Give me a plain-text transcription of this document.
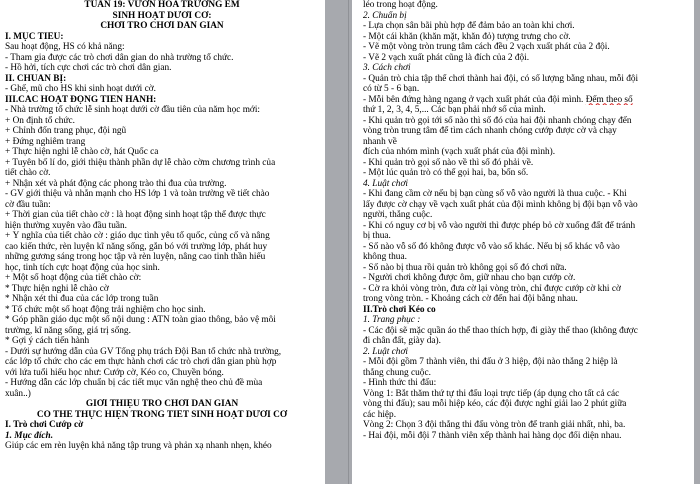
TUẦN 19: VƯỜN HOA TRƯỜNG EM
SINH HOẠT DƯỚI CỜ:
CHƠI TRÒ CHƠI DÂN GIAN
I. MỤC TIÊU:
Sau hoạt động, HS có khả năng:
- Tham gia được các trò chơi dân gian do nhà trường tổ chức.
- Hồ hởi, tích cực chơi các trò chơi dân gian.
II. CHUẨN BỊ:
- Ghế, mũ cho HS khi sinh hoạt dưới cờ.
III.CÁC HOẠT ĐỘNG TIẾN HÀNH:
- Nhà trường tổ chức lễ sinh hoạt dưới cờ đầu tiên của năm học mới:
+ Ổn định tổ chức.
+ Chỉnh đốn trang phục, đội ngũ
+ Đứng nghiêm trang
+ Thực hiện nghi lễ chào cờ, hát Quốc ca
+ Tuyên bố lí do, giới thiệu thành phần dự lễ chào cờm chương trình của
tiết chào cờ.
+ Nhận xét và phát động các phong trào thi đua của trường.
- GV giới thiệu và nhắn mạnh cho HS lớp 1 và toàn trường về tiết chào
cờ đầu tuần:
+ Thời gian của tiết chào cờ : là hoạt động sinh hoạt tập thể được thực
hiện thường xuyên vào đầu tuần.
+ Ý nghĩa của tiết chào cờ : giáo dục tình yêu tổ quốc, củng cố và nâng
cao kiến thức, rèn luyện kĩ năng sống, gắn bó với trường lớp, phát huy
những gương sáng trong học tập và rèn luyện, nâng cao tinh thần hiếu
học, tinh tích cực hoạt động của học sinh.
+ Một số hoạt động của tiết chào cờ:
* Thực hiện nghi lễ chào cờ
* Nhận xét thi đua của các lớp trong tuần
* Tổ chức một số hoạt động trải nghiệm cho học sinh.
* Góp phần giáo dục một số nội dung : ATN toàn giao thông, bảo vệ môi
trường, kĩ năng sống, giá trị sống.
* Gợi ý cách tiến hành
- Dưới sự hướng dẫn của GV Tổng phụ trách Đội Ban tổ chức nhà trường,
các lớp tổ chức cho các em thực hành chơi các trò chơi dân gian phù hợp
với lứa tuổi hiếu học như: Cướp cờ, Kéo co, Chuyền bóng.
- Hướng dẫn các lớp chuẩn bị các tiết mục văn nghệ theo chủ đề mùa
xuân..)
GIỚI THIỆU TRÒ CHƠI DÂN GIAN
CÓ THỂ THỰC HIỆN TRONG TIẾT SINH HOẠT DƯỚI CỜ
I. Trò chơi Cướp cờ
1. Mục đích.
Giúp các em rèn luyện khả năng tập trung và phản xạ nhanh nhẹn, khéo
léo trong hoạt động.
2. Chuẩn bị
- Lựa chọn sân bãi phù hợp để đảm bảo an toàn khi chơi.
- Một cái khăn (khăn mặt, khăn đỏ) tượng trưng cho cờ.
- Vẽ một vòng tròn trung tâm cách đều 2 vạch xuất phát của 2 đội.
- Vẽ 2 vạch xuất phát cũng là đích của 2 đội.
3. Cách chơi
- Quản trò chia tập thể chơi thành hai đội, có số lượng bằng nhau, mỗi đội
có từ 5 - 6 bạn.
- Mỗi bên đứng hàng ngang ở vạch xuất phát của đội mình. Đếm theo số
thứ 1, 2, 3, 4, 5,... Các bạn phải nhớ số của mình.
- Khi quản trò gọi tới số nào thì số đó của hai đội nhanh chóng chạy đến
vòng tròn trung tâm để tìm cách nhanh chóng cướp được cờ và chạy
nhanh về
đích của nhóm mình (vạch xuất phát của đội mình).
- Khi quản trò gọi số nào về thì số đó phải về.
- Một lúc quản trò có thể gọi hai, ba, bốn số.
4. Luật chơi
- Khi đang cầm cờ nếu bị bạn cùng số vỗ vào người là thua cuộc. - Khi
lấy được cờ chạy về vạch xuất phát của đội mình không bị đội bạn vỗ vào
người, thắng cuộc.
- Khi có nguy cơ bị vỗ vào người thì được phép bỏ cờ xuống đất để tránh
bị thua.
- Số nào vỗ số đó không được vỗ vào số khác. Nếu bị số khác vỗ vào
không thua.
- Số nào bị thua rồi quản trò không gọi số đó chơi nữa.
- Người chơi không được ôm, giữ nhau cho bạn cướp cờ.
- Cờ ra khỏi vòng tròn, đưa cờ lại vòng tròn, chỉ được cướp cờ khi cờ
trong vòng tròn. - Khoảng cách cờ đến hai đội bằng nhau.
II.Trò chơi Kéo co
1. Trang phục :
- Các đội sẽ mặc quần áo thể thao thích hợp, đi giày thể thao (không được
đi chân đất, giày da).
2. Luật chơi
- Mỗi đội gồm 7 thành viên, thi đấu ở 3 hiệp, đội nào thắng 2 hiệp là
thắng chung cuộc.
- Hình thức thi đấu:
Vòng 1: Bắt thăm thứ tự thi đấu loại trực tiếp (áp dụng cho tất cả các
vòng thi đấu); sau mỗi hiệp kéo, các đội được nghỉ giải lao 2 phút giữa
các hiệp.
Vòng 2: Chọn 3 đội thắng thi đấu vòng tròn để tranh giải nhất, nhì, ba.
- Hai đội, mỗi đội 7 thành viên xếp thành hai hàng dọc đối diện nhau.
